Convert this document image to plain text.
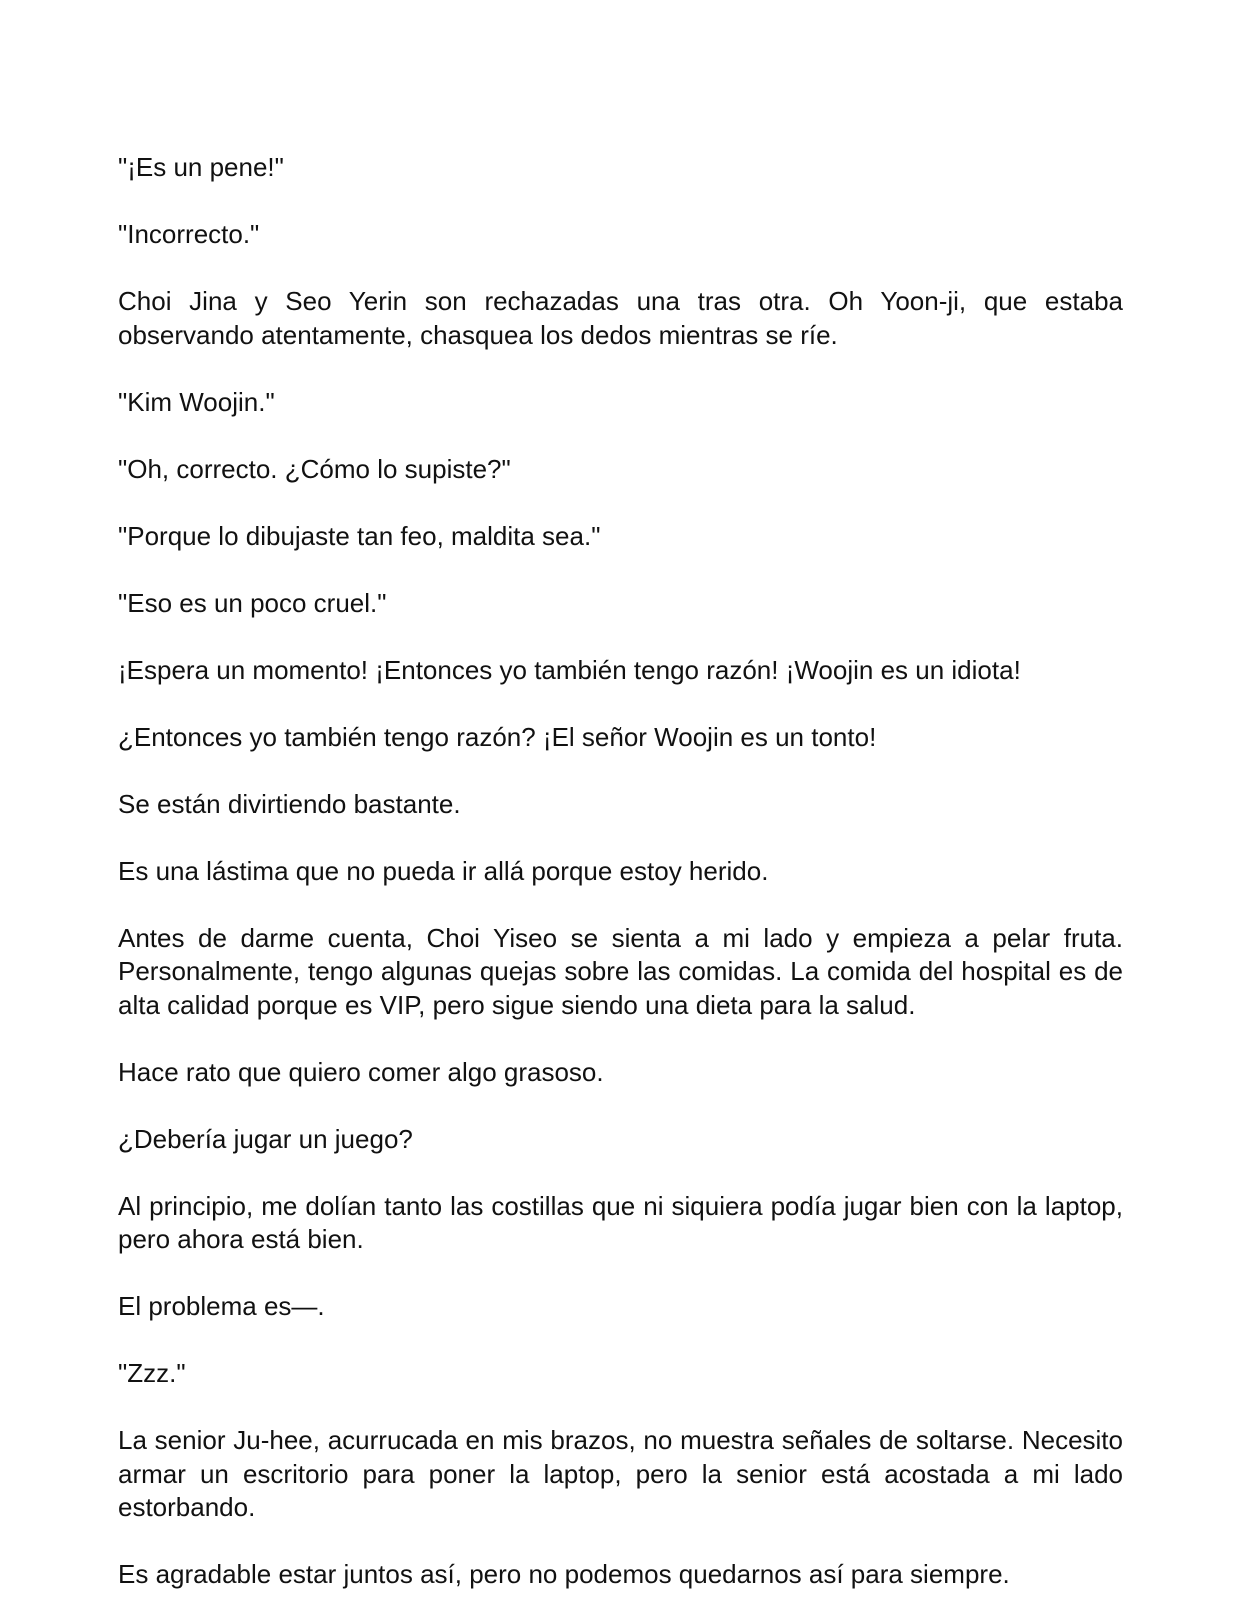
"¡Es un pene!"

"Incorrecto."

Choi Jina y Seo Yerin son rechazadas una tras otra. Oh Yoon-ji, que estaba observando atentamente, chasquea los dedos mientras se ríe.

"Kim Woojin."

"Oh, correcto. ¿Cómo lo supiste?"

"Porque lo dibujaste tan feo, maldita sea."

"Eso es un poco cruel."

¡Espera un momento! ¡Entonces yo también tengo razón! ¡Woojin es un idiota!

¿Entonces yo también tengo razón? ¡El señor Woojin es un tonto!

Se están divirtiendo bastante.

Es una lástima que no pueda ir allá porque estoy herido.

Antes de darme cuenta, Choi Yiseo se sienta a mi lado y empieza a pelar fruta. Personalmente, tengo algunas quejas sobre las comidas. La comida del hospital es de alta calidad porque es VIP, pero sigue siendo una dieta para la salud.

Hace rato que quiero comer algo grasoso.

¿Debería jugar un juego?

Al principio, me dolían tanto las costillas que ni siquiera podía jugar bien con la laptop, pero ahora está bien.

El problema es—.

"Zzz."

La senior Ju-hee, acurrucada en mis brazos, no muestra señales de soltarse. Necesito armar un escritorio para poner la laptop, pero la senior está acostada a mi lado estorbando.

Es agradable estar juntos así, pero no podemos quedarnos así para siempre.
